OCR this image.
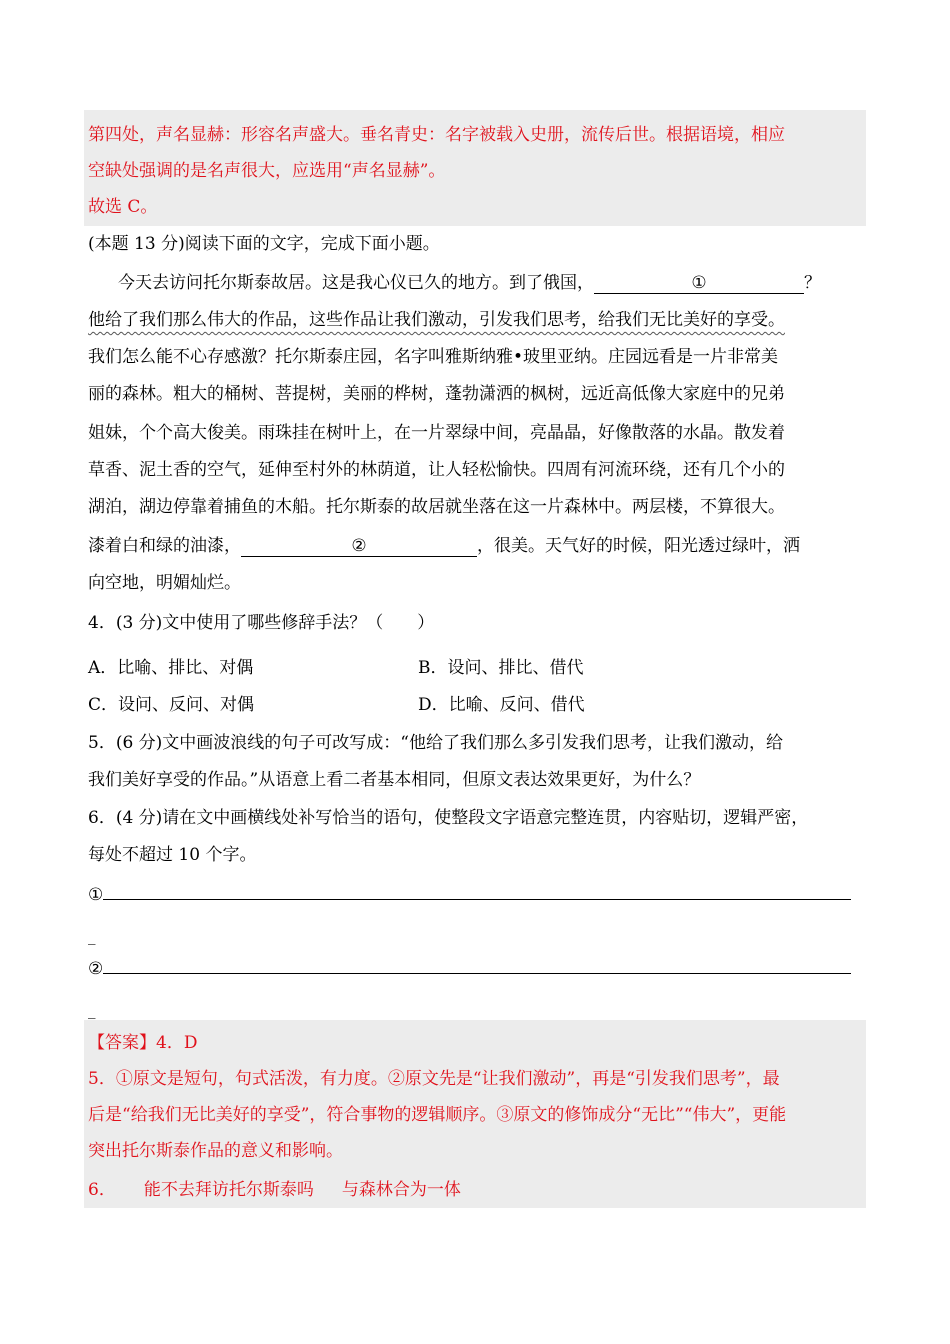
第四处，声名显赫：形容名声盛大。垂名青史：名字被载入史册，流传后世。根据语境，相应
空缺处强调的是名声很大，应选用“声名显赫”。
故选 C。
(本题 13 分)阅读下面的文字，完成下面小题。
今天去访问托尔斯泰故居。这是我心仪已久的地方。到了俄国，	①	？
他给了我们那么伟大的作品，这些作品让我们激动，引发我们思考，给我们无比美好的享受。
我们怎么能不心存感激？托尔斯泰庄园，名字叫雅斯纳雅•玻里亚纳。庄园远看是一片非常美
丽的森林。粗大的桶树、菩提树，美丽的桦树，蓬勃潇洒的枫树，远近高低像大家庭中的兄弟
姐妹，个个高大俊美。雨珠挂在树叶上，在一片翠绿中间，亮晶晶，好像散落的水晶。散发着
草香、泥土香的空气，延伸至村外的林荫道，让人轻松愉快。四周有河流环绕，还有几个小的
湖泊，湖边停靠着捕鱼的木船。托尔斯泰的故居就坐落在这一片森林中。两层楼，不算很大。
漆着白和绿的油漆，	②	，很美。天气好的时候，阳光透过绿叶，洒
向空地，明媚灿烂。
4．(3 分)文中使用了哪些修辞手法？（　　）
A．比喻、排比、对偶	B．设问、排比、借代
C．设问、反问、对偶	D．比喻、反问、借代
5．(6 分)文中画波浪线的句子可改写成：“他给了我们那么多引发我们思考，让我们激动，给
我们美好享受的作品。”从语意上看二者基本相同，但原文表达效果更好，为什么？
6．(4 分)请在文中画横线处补写恰当的语句，使整段文字语意完整连贯，内容贴切，逻辑严密，
每处不超过 10 个字。
①
_
②
_
【答案】4．D
5．①原文是短句，句式活泼，有力度。②原文先是“让我们激动”，再是“引发我们思考”，最
后是“给我们无比美好的享受”，符合事物的逻辑顺序。③原文的修饰成分“无比”“伟大”，更能
突出托尔斯泰作品的意义和影响。
6． 能不去拜访托尔斯泰吗 与森林合为一体
